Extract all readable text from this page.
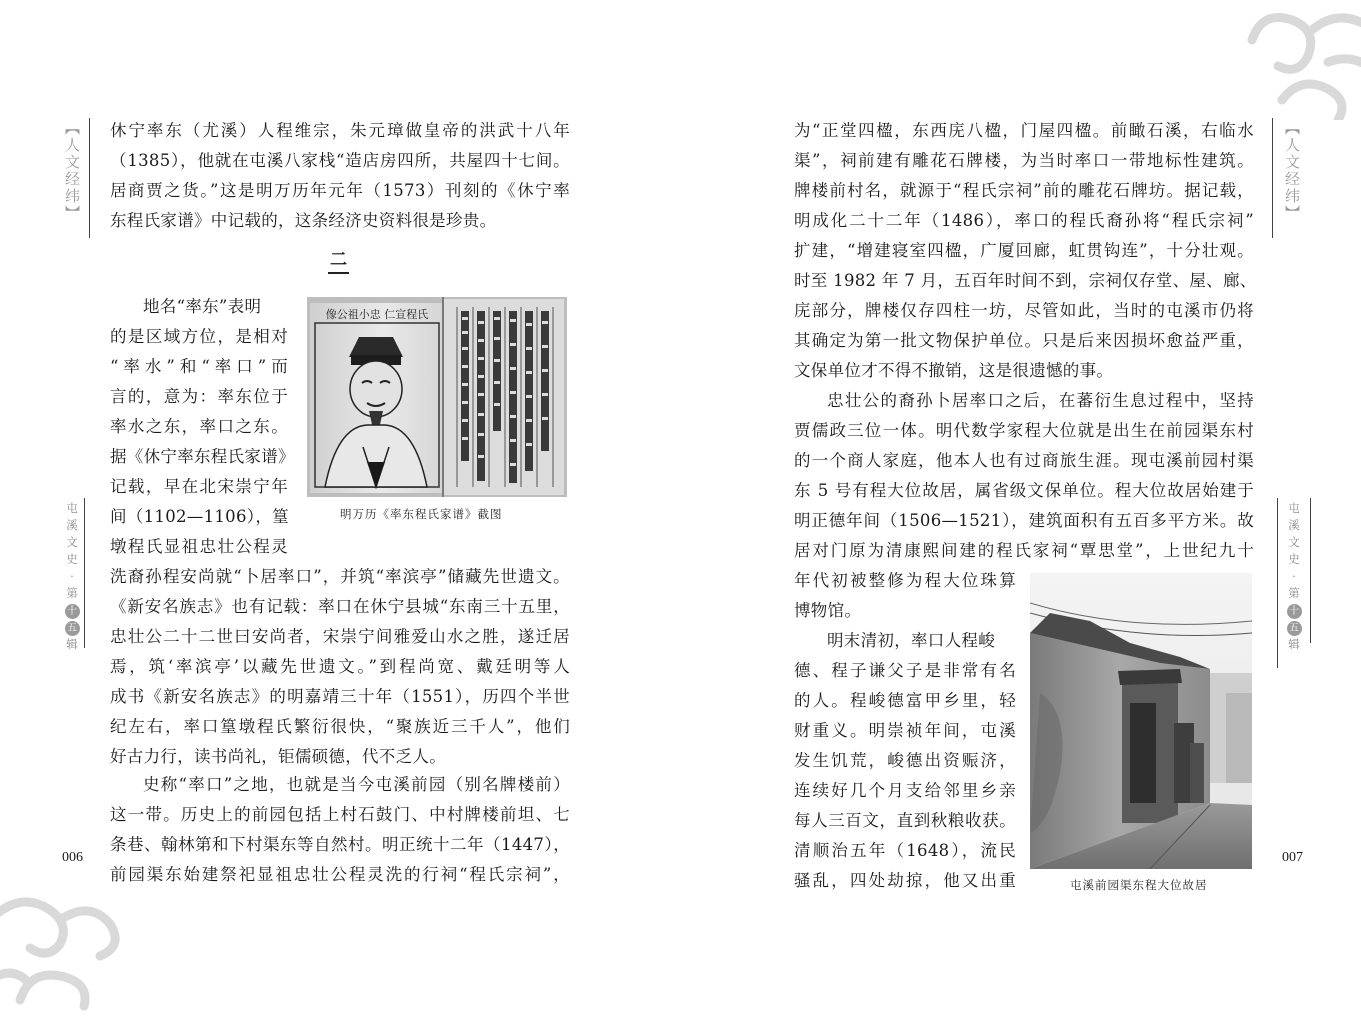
【人文经纬】
屯
溪
文
史
·
第
十 五
辑

休宁率东（尤溪）人程维宗，朱元璋做皇帝的洪武十八年

（1385），他就在屯溪八家栈“造店房四所，共屋四十七间。

居商贾之货。”这是明万历年元年（1573）刊刻的《休宁率

东程氏家谱》中记载的，这条经济史资料很是珍贵。

二

地名“率东”表明

的是区域方位，是相对

“率水”和“率口”而

言的，意为：率东位于

率水之东，率口之东。

据《休宁率东程氏家谱》

记载，早在北宋崇宁年

间（1102—1106），篁

墩程氏显祖忠壮公程灵

像公祖小忠 仁宣程氏
明万历《率东程氏家谱》截图

洗裔孙程安尚就“卜居率口”，并筑“率滨亭”储藏先世遗文。

《新安名族志》也有记载：率口在休宁县城“东南三十五里，

忠壮公二十二世曰安尚者，宋崇宁间雅爱山水之胜，遂迁居

焉，筑‘率滨亭’以藏先世遗文。”到程尚宽、戴廷明等人

成书《新安名族志》的明嘉靖三十年（1551），历四个半世

纪左右，率口篁墩程氏繁衍很快，“聚族近三千人”，他们

好古力行，读书尚礼，钜儒硕德，代不乏人。

史称“率口”之地，也就是当今屯溪前园（别名牌楼前）

这一带。历史上的前园包括上村石鼓门、中村牌楼前坦、七

条巷、翰林第和下村渠东等自然村。明正统十二年（1447），

前园渠东始建祭祀显祖忠壮公程灵洗的行祠“程氏宗祠”，

006

为“正堂四楹，东西庑八楹，门屋四楹。前瞰石溪，右临水

渠”，祠前建有雕花石牌楼，为当时率口一带地标性建筑。

牌楼前村名，就源于“程氏宗祠”前的雕花石牌坊。据记载，

明成化二十二年（1486），率口的程氏裔孙将“程氏宗祠”

扩建，“增建寝室四楹，广厦回廊，虹贯钩连”，十分壮观。

时至 1982 年 7 月，五百年时间不到，宗祠仅存堂、屋、廊、

庑部分，牌楼仅存四柱一坊，尽管如此，当时的屯溪市仍将

其确定为第一批文物保护单位。只是后来因损坏愈益严重，

文保单位才不得不撤销，这是很遗憾的事。

忠壮公的裔孙卜居率口之后，在蕃衍生息过程中，坚持

贾儒政三位一体。明代数学家程大位就是出生在前园渠东村

的一个商人家庭，他本人也有过商旅生涯。现屯溪前园村渠

东 5 号有程大位故居，属省级文保单位。程大位故居始建于

明正德年间（1506—1521），建筑面积有五百多平方米。故

居对门原为清康熙间建的程氏家祠“覃思堂”，上世纪九十

年代初被整修为程大位珠算

博物馆。

明末清初，率口人程峻

德、程子谦父子是非常有名

的人。程峻德富甲乡里，轻

财重义。明崇祯年间，屯溪

发生饥荒，峻德出资赈济，

连续好几个月支给邻里乡亲

每人三百文，直到秋粮收获。

清顺治五年（1648），流民

骚乱，四处劫掠，他又出重	屯溪前园渠东程大位故居
【人文经纬】
屯
溪
文
史
·
第
十 五
辑
007
